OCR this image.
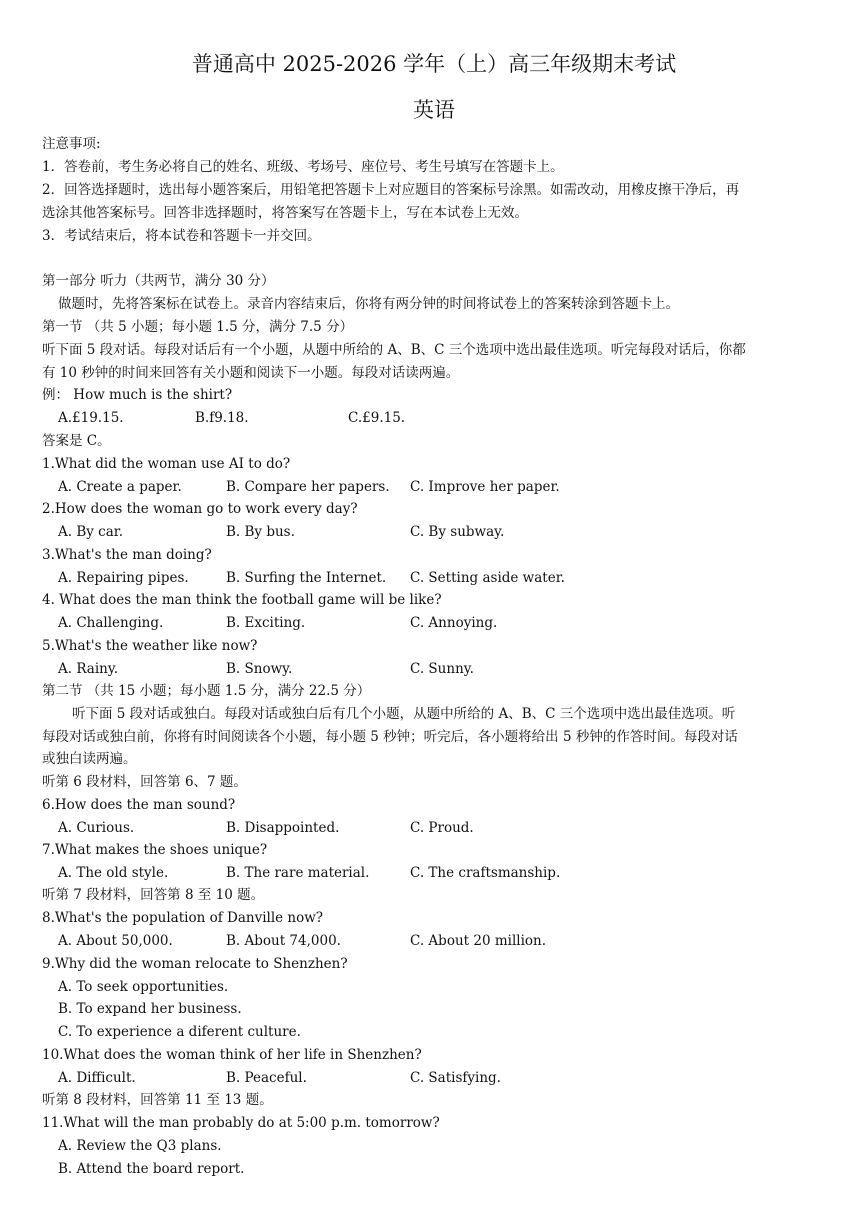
普通高中 2025-2026 学年（上）高三年级期末考试
英语
注意事项:
1．答卷前，考生务必将自己的姓名、班级、考场号、座位号、考生号填写在答题卡上。
2．回答选择题时，选出每小题答案后，用铅笔把答题卡上对应题目的答案标号涂黑。如需改动，用橡皮擦干净后，再
选涂其他答案标号。回答非选择题时，将答案写在答题卡上，写在本试卷上无效。
3．考试结束后，将本试卷和答题卡一并交回。
第一部分 听力（共两节，满分 30 分）
做题时，先将答案标在试卷上。录音内容结束后，你将有两分钟的时间将试卷上的答案转涂到答题卡上。
第一节 （共 5 小题；每小题 1.5 分，满分 7.5 分）
听下面 5 段对话。每段对话后有一个小题，从题中所给的 A、B、C 三个选项中选出最佳选项。听完每段对话后，你都
有 10 秒钟的时间来回答有关小题和阅读下一小题。每段对话读两遍。
例： How much is the shirt?
A.£19.15.	B.f9.18.	C.£9.15.
答案是 C。
1.What did the woman use AI to do?
A. Create a paper.	B. Compare her papers. C. Improve her paper.
2.How does the woman go to work every day?
A. By car.	B. By bus.	C. By subway.
3.What's the man doing?
A. Repairing pipes.	B. Surfing the Internet. C. Setting aside water.
4. What does the man think the football game will be like?
A. Challenging.	B. Exciting.	C. Annoying.
5.What's the weather like now?
A. Rainy.	B. Snowy.	C. Sunny.
第二节 （共 15 小题；每小题 1.5 分，满分 22.5 分）
听下面 5 段对话或独白。每段对话或独白后有几个小题，从题中所给的 A、B、C 三个选项中选出最佳选项。听
每段对话或独白前，你将有时间阅读各个小题，每小题 5 秒钟；听完后，各小题将给出 5 秒钟的作答时间。每段对话
或独白读两遍。
听第 6 段材料，回答第 6、7 题。
6.How does the man sound?
A. Curious.	B. Disappointed.	C. Proud.
7.What makes the shoes unique?
A. The old style.	B. The rare material.	C. The craftsmanship.
听第 7 段材料，回答第 8 至 10 题。
8.What's the population of Danville now?
A. About 50,000.	B. About 74,000.	C. About 20 million.
9.Why did the woman relocate to Shenzhen?
A. To seek opportunities.
B. To expand her business.
C. To experience a diferent culture.
10.What does the woman think of her life in Shenzhen?
A. Difficult.	B. Peaceful.	C. Satisfying.
听第 8 段材料，回答第 11 至 13 题。
11.What will the man probably do at 5:00 p.m. tomorrow?
A. Review the Q3 plans.
B. Attend the board report.
